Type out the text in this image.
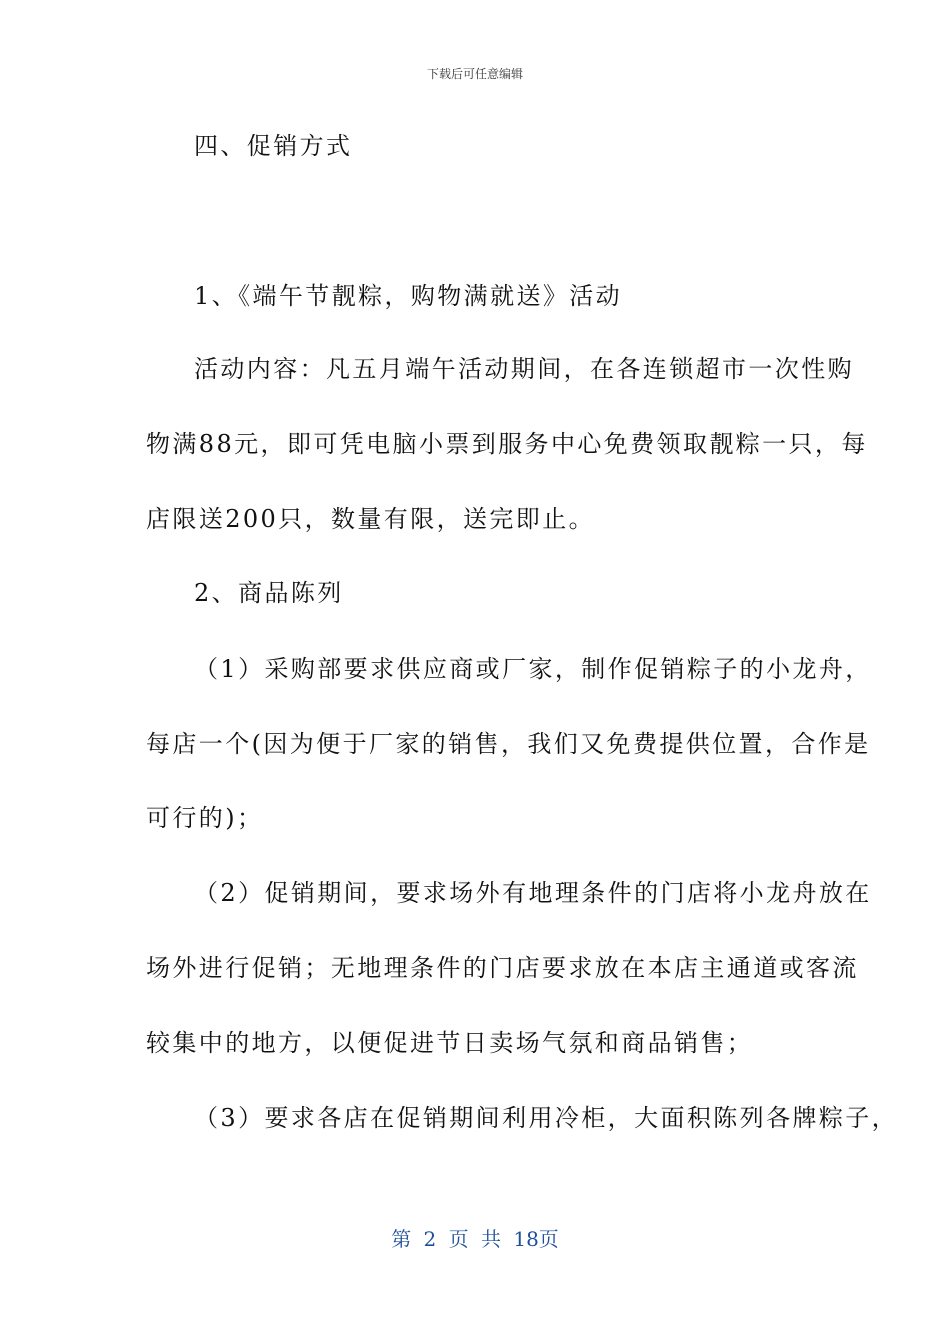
下载后可任意编辑
四、促销方式
1、《端午节靓粽，购物满就送》活动
活动内容：凡五月端午活动期间，在各连锁超市一次性购
物满88元，即可凭电脑小票到服务中心免费领取靓粽一只，每
店限送200只，数量有限，送完即止。
2、商品陈列
（1）采购部要求供应商或厂家，制作促销粽子的小龙舟，
每店一个(因为便于厂家的销售，我们又免费提供位置，合作是
可行的)；
（2）促销期间，要求场外有地理条件的门店将小龙舟放在
场外进行促销；无地理条件的门店要求放在本店主通道或客流
较集中的地方，以便促进节日卖场气氛和商品销售；
（3）要求各店在促销期间利用冷柜，大面积陈列各牌粽子，
第 2 页 共 18页
